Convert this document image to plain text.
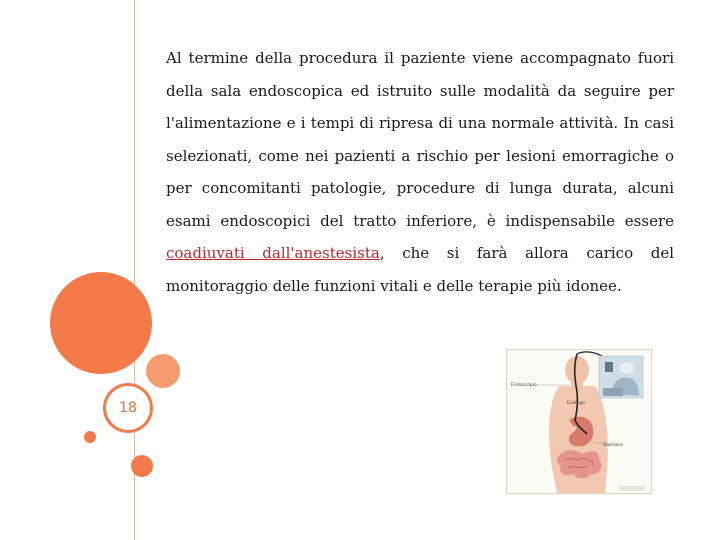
18
Al termine della procedura il paziente viene accompagnato fuori della sala endoscopica ed istruito sulle modalità da seguire per l'alimentazione e i tempi di ripresa di una normale attività. In casi selezionati, come nei pazienti a rischio per lesioni emorragiche o per concomitanti patologie, procedure di lunga durata, alcuni esami endoscopici del tratto inferiore, è indispensabile essere coadiuvati dall'anestesista, che si farà allora carico del monitoraggio delle funzioni vitali e delle terapie più idonee.
Endoscopio
Esofago
Stomaco
